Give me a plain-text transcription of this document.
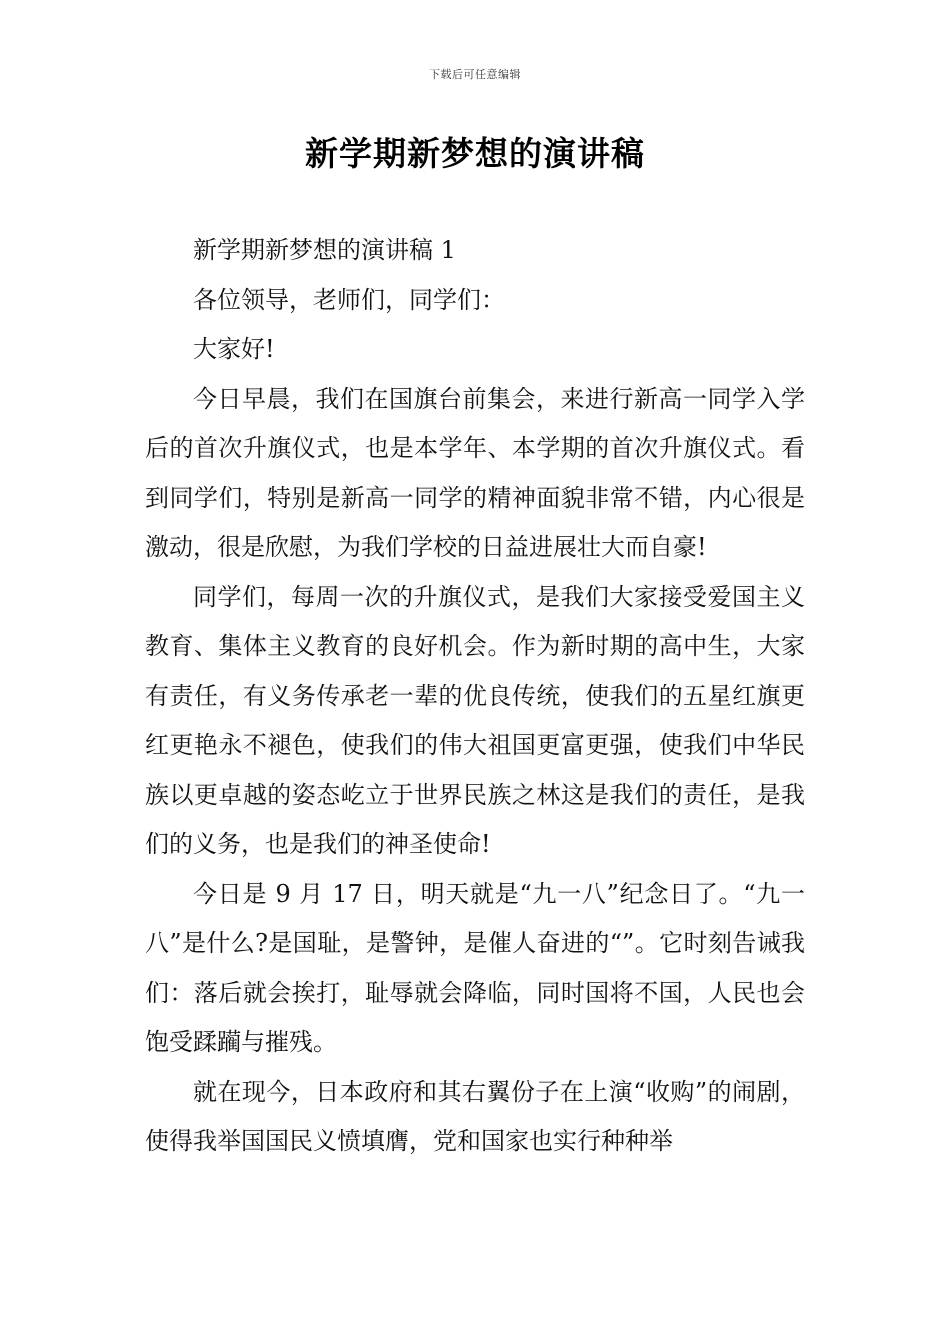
下载后可任意编辑
新学期新梦想的演讲稿

新学期新梦想的演讲稿 1

各位领导，老师们，同学们：

大家好!

今日早晨，我们在国旗台前集会，来进行新高一同学入学后的首次升旗仪式，也是本学年、本学期的首次升旗仪式。看到同学们，特别是新高一同学的精神面貌非常不错，内心很是激动，很是欣慰，为我们学校的日益进展壮大而自豪!

同学们，每周一次的升旗仪式，是我们大家接受爱国主义教育、集体主义教育的良好机会。作为新时期的高中生，大家有责任，有义务传承老一辈的优良传统，使我们的五星红旗更红更艳永不褪色，使我们的伟大祖国更富更强，使我们中华民族以更卓越的姿态屹立于世界民族之林这是我们的责任，是我们的义务，也是我们的神圣使命!

今日是 9 月 17 日，明天就是“九一八”纪念日了。“九一八”是什么?是国耻，是警钟，是催人奋进的“”。它时刻告诫我们：落后就会挨打，耻辱就会降临，同时国将不国，人民也会饱受蹂躏与摧残。

就在现今，日本政府和其右翼份子在上演“收购”的闹剧，使得我举国国民义愤填膺，党和国家也实行种种举
